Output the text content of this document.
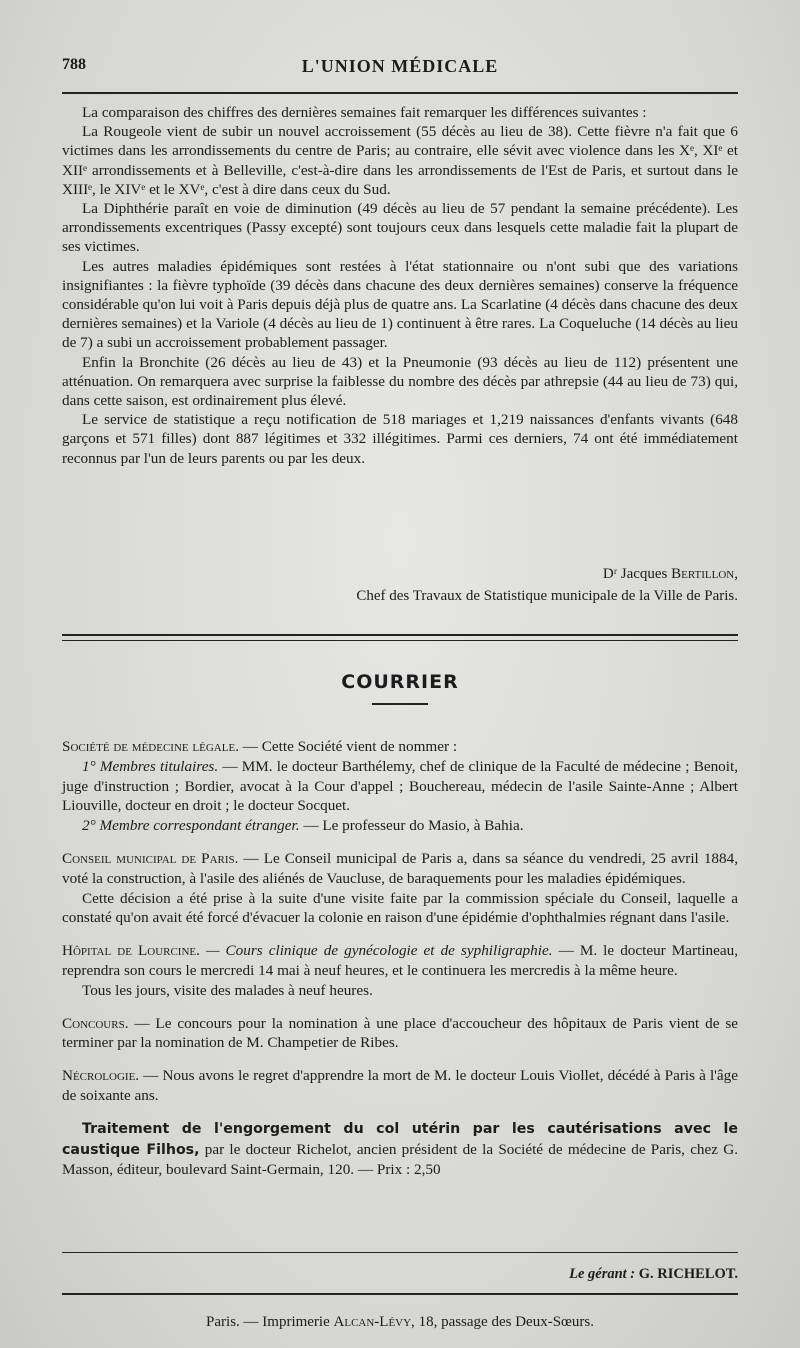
788	L'UNION MÉDICALE

La comparaison des chiffres des dernières semaines fait remarquer les différences suivantes :

La Rougeole vient de subir un nouvel accroissement (55 décès au lieu de 38). Cette fièvre n'a fait que 6 victimes dans les arrondissements du centre de Paris; au contraire, elle sévit avec violence dans les Xᵉ, XIᵉ et XIIᵉ arrondissements et à Belleville, c'est-à-dire dans les arrondissements de l'Est de Paris, et surtout dans le XIIIᵉ, le XIVᵉ et le XVᵉ, c'est à dire dans ceux du Sud.

La Diphthérie paraît en voie de diminution (49 décès au lieu de 57 pendant la semaine précédente). Les arrondissements excentriques (Passy excepté) sont toujours ceux dans lesquels cette maladie fait la plupart de ses victimes.

Les autres maladies épidémiques sont restées à l'état stationnaire ou n'ont subi que des variations insignifiantes : la fièvre typhoïde (39 décès dans chacune des deux dernières semaines) conserve la fréquence considérable qu'on lui voit à Paris depuis déjà plus de quatre ans. La Scarlatine (4 décès dans chacune des deux dernières semaines) et la Variole (4 décès au lieu de 1) continuent à être rares. La Coqueluche (14 décès au lieu de 7) a subi un accroissement probablement passager.

Enfin la Bronchite (26 décès au lieu de 43) et la Pneumonie (93 décès au lieu de 112) présentent une atténuation. On remarquera avec surprise la faiblesse du nombre des décès par athrepsie (44 au lieu de 73) qui, dans cette saison, est ordinairement plus élevé.

Le service de statistique a reçu notification de 518 mariages et 1,219 naissances d'enfants vivants (648 garçons et 571 filles) dont 887 légitimes et 332 illégitimes. Parmi ces derniers, 74 ont été immédiatement reconnus par l'un de leurs parents ou par les deux.

Dʳ Jacques Bertillon,
Chef des Travaux de Statistique municipale de la Ville de Paris.
COURRIER

Société de médecine légale. — Cette Société vient de nommer :

1° Membres titulaires. — MM. le docteur Barthélemy, chef de clinique de la Faculté de médecine ; Benoit, juge d'instruction ; Bordier, avocat à la Cour d'appel ; Bouchereau, médecin de l'asile Sainte-Anne ; Albert Liouville, docteur en droit ; le docteur Socquet.

2° Membre correspondant étranger. — Le professeur do Masio, à Bahia.

Conseil municipal de Paris. — Le Conseil municipal de Paris a, dans sa séance du vendredi, 25 avril 1884, voté la construction, à l'asile des aliénés de Vaucluse, de baraquements pour les maladies épidémiques.

Cette décision a été prise à la suite d'une visite faite par la commission spéciale du Conseil, laquelle a constaté qu'on avait été forcé d'évacuer la colonie en raison d'une épidémie d'ophthalmies régnant dans l'asile.

Hôpital de Lourcine. — Cours clinique de gynécologie et de syphiligraphie. — M. le docteur Martineau, reprendra son cours le mercredi 14 mai à neuf heures, et le continuera les mercredis à la même heure.

Tous les jours, visite des malades à neuf heures.

Concours. — Le concours pour la nomination à une place d'accoucheur des hôpitaux de Paris vient de se terminer par la nomination de M. Champetier de Ribes.

Nécrologie. — Nous avons le regret d'apprendre la mort de M. le docteur Louis Viollet, décédé à Paris à l'âge de soixante ans.

Traitement de l'engorgement du col utérin par les cautérisations avec le caustique Filhos, par le docteur Richelot, ancien président de la Société de médecine de Paris, chez G. Masson, éditeur, boulevard Saint-Germain, 120. — Prix : 2,50

Le gérant : G. RICHELOT.
Paris. — Imprimerie Alcan-Lévy, 18, passage des Deux-Sœurs.
